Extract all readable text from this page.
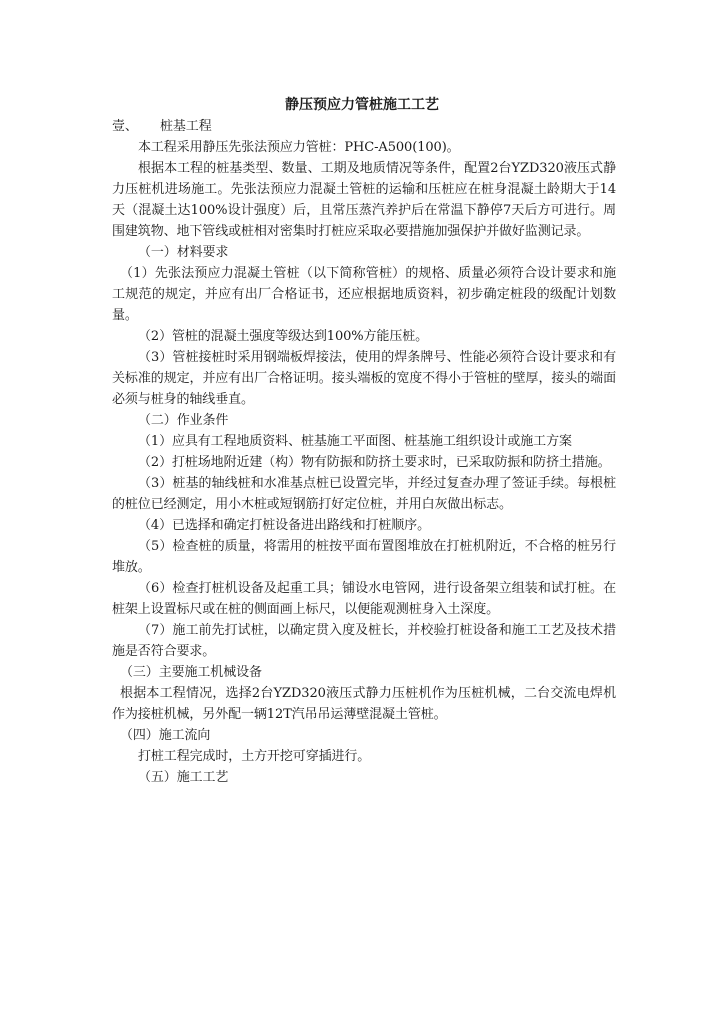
静压预应力管桩施工工艺

壹、	桩基工程

本工程采用静压先张法预应力管桩：PHC-A500(100)。

根据本工程的桩基类型、数量、工期及地质情况等条件，配置2台YZD320液压式静力压桩机进场施工。先张法预应力混凝土管桩的运输和压桩应在桩身混凝土龄期大于14天（混凝土达100%设计强度）后，且常压蒸汽养护后在常温下静停7天后方可进行。周围建筑物、地下管线或桩相对密集时打桩应采取必要措施加强保护并做好监测记录。

（一）材料要求

（1）先张法预应力混凝土管桩（以下简称管桩）的规格、质量必须符合设计要求和施工规范的规定，并应有出厂合格证书，还应根据地质资料，初步确定桩段的级配计划数量。

（2）管桩的混凝土强度等级达到100%方能压桩。

（3）管桩接桩时采用钢端板焊接法，使用的焊条牌号、性能必须符合设计要求和有关标准的规定，并应有出厂合格证明。接头端板的宽度不得小于管桩的壁厚，接头的端面必须与桩身的轴线垂直。

（二）作业条件

（1）应具有工程地质资料、桩基施工平面图、桩基施工组织设计或施工方案

（2）打桩场地附近建（构）物有防振和防挤土要求时，已采取防振和防挤土措施。

（3）桩基的轴线桩和水准基点桩已设置完毕，并经过复查办理了签证手续。每根桩的桩位已经测定，用小木桩或短钢筋打好定位桩，并用白灰做出标志。

（4）已选择和确定打桩设备进出路线和打桩顺序。

（5）检查桩的质量，将需用的桩按平面布置图堆放在打桩机附近，不合格的桩另行堆放。

（6）检查打桩机设备及起重工具；铺设水电管网，进行设备架立组装和试打桩。在桩架上设置标尺或在桩的侧面画上标尺，以便能观测桩身入土深度。

（7）施工前先打试桩，以确定贯入度及桩长，并校验打桩设备和施工工艺及技术措施是否符合要求。

（三）主要施工机械设备

根据本工程情况，选择2台YZD320液压式静力压桩机作为压桩机械，二台交流电焊机作为接桩机械，另外配一辆12T汽吊吊运薄壁混凝土管桩。

（四）施工流向

打桩工程完成时，土方开挖可穿插进行。

（五）施工工艺
